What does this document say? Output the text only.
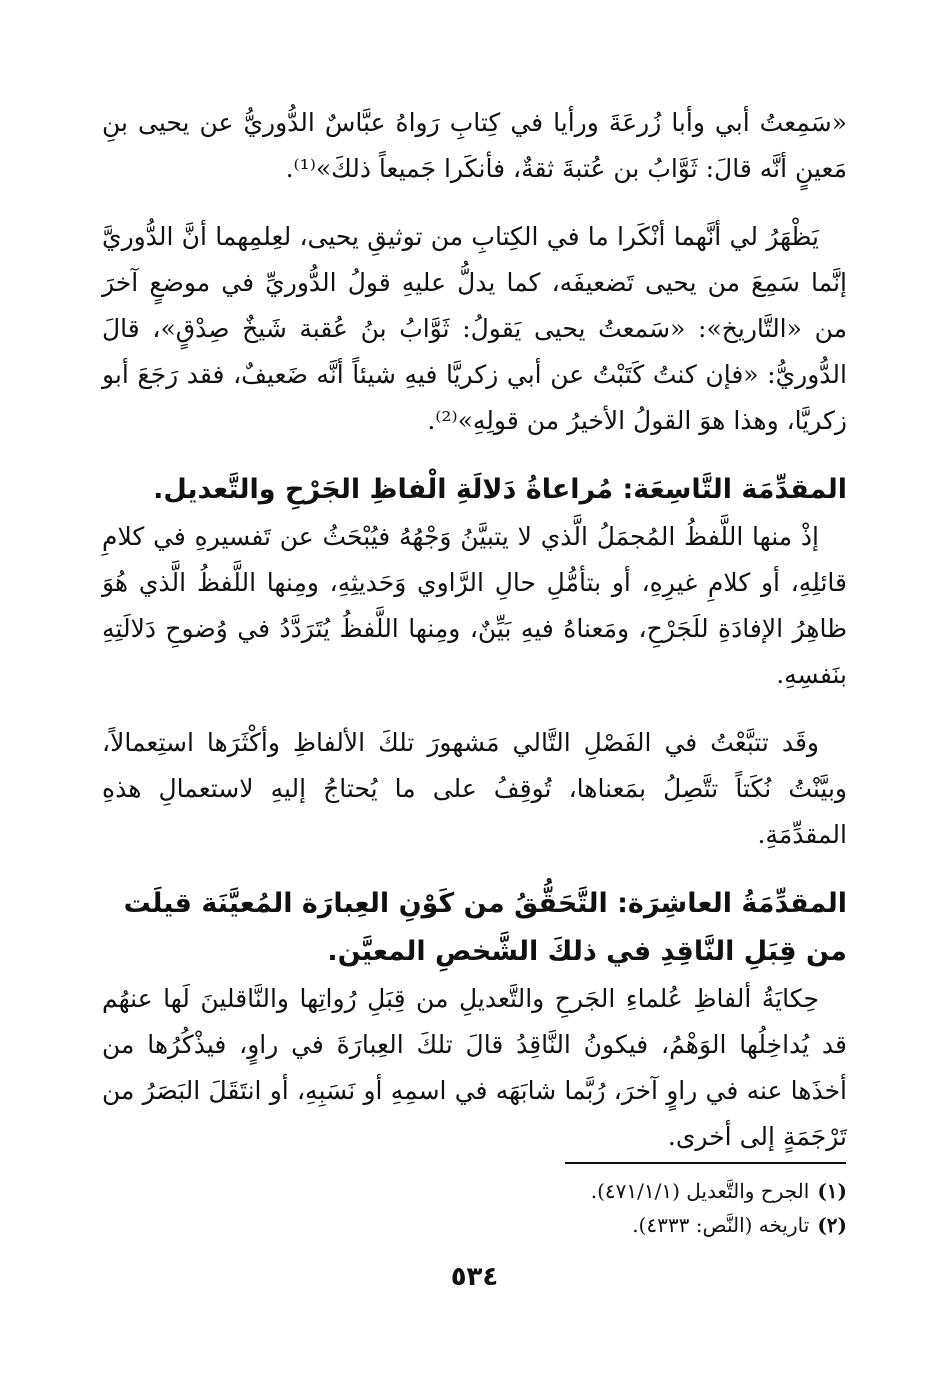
«سَمِعتُ أبي وأبا زُرعَةَ ورأيا في كِتابِ رَواهُ عبَّاسٌ الدُّوريُّ عن يحيى بنِ مَعينٍ أنَّه قالَ: ثَوَّابُ بن عُتبةَ ثقةٌ، فأنكَرا جَميعاً ذلكَ»⁽¹⁾.

يَظْهَرُ لي أنَّهما أنْكَرا ما في الكِتابِ من توثيقِ يحيى، لعِلمِهما أنَّ الدُّوريَّ إنَّما سَمِعَ من يحيى تَضعيفَه، كما يدلُّ عليهِ قولُ الدُّوريِّ في موضعٍ آخرَ من «التَّاريخ»: «سَمعتُ يحيى يَقولُ: ثَوَّابُ بنُ عُقبة شَيخٌ صِدْقٍ»، قالَ الدُّوريُّ: «فإن كنتُ كَتَبْتُ عن أبي زكريَّا فيهِ شيئاً أنَّه ضَعيفٌ، فقد رَجَعَ أبو زكريَّا، وهذا هوَ القولُ الأخيرُ من قولِهِ»⁽²⁾.

المقدِّمَة التَّاسِعَة: مُراعاةُ دَلالَةِ الْفاظِ الجَرْحِ والتَّعديل.

إذْ منها اللَّفظُ المُجمَلُ الَّذي لا يتبيَّنُ وَجْهُهُ فيُبْحَثُ عن تَفسيرهِ في كلامِ قائلِهِ، أو كلامِ غيرِهِ، أو بتأمُّلِ حالِ الرَّاوي وَحَديثِهِ، ومِنها اللَّفظُ الَّذي هُوَ ظاهِرُ الإفادَةِ للَجَرْحِ، ومَعناهُ فيهِ بَيِّنٌ، ومِنها اللَّفظُ يُتَرَدَّدُ في وُضوحِ دَلالَتِهِ بنَفسِهِ.

وقَد تتبَّعْتُ في الفَصْلِ التَّالي مَشهورَ تلكَ الألفاظِ وأكْثَرَها استِعمالاً، وبيَّنْتُ نُكَتاً تتَّصِلُ بمَعناها، تُوقِفُ على ما يُحتاجُ إليهِ لاستعمالِ هذهِ المقدِّمَةِ.

المقدِّمَةُ العاشِرَة: التَّحَقُّقُ من كَوْنِ العِبارَة المُعيَّنَة قيلَت من قِبَلِ النَّاقِدِ في ذلكَ الشَّخصِ المعيَّن.

حِكايَةُ ألفاظِ عُلماءِ الجَرحِ والتَّعديلِ من قِبَلِ رُواتِها والنَّاقلينَ لَها عنهُم قد يُداخِلُها الوَهْمُ، فيكونُ النَّاقِدُ قالَ تلكَ العِبارَةَ في راوٍ، فيذْكُرُها من أخذَها عنه في راوٍ آخرَ، رُبَّما شابَهَه في اسمِهِ أو نَسَبِهِ، أو انتَقَلَ البَصَرُ من تَرْجَمَةٍ إلى أخرى.

(١)الجرح والتَّعديل (٤٧١/١/١).
(٢)تاريخه (النَّص: ٤٣٣٣).
٥٣٤
